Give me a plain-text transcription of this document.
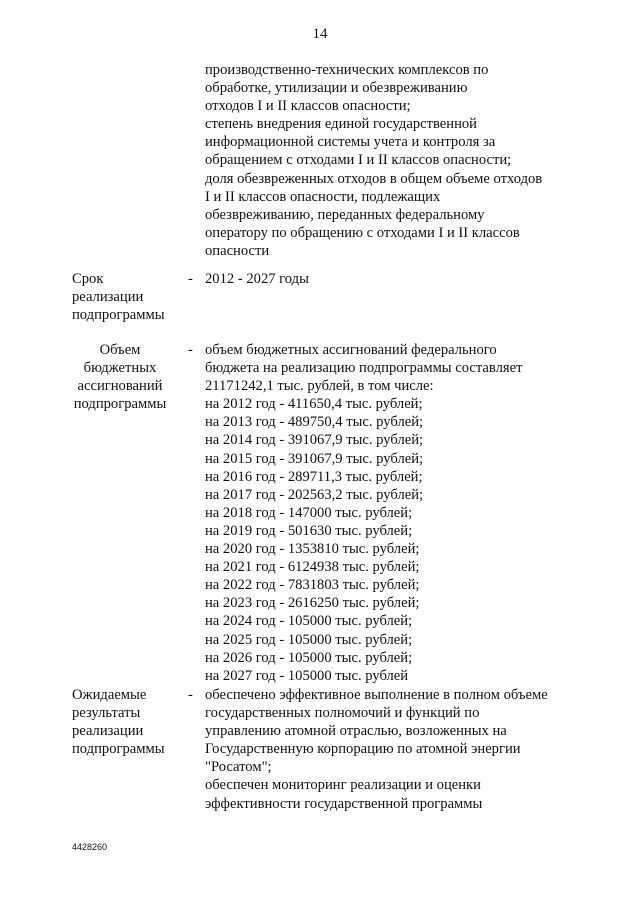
14
производственно-технических комплексов по
обработке, утилизации и обезвреживанию
отходов I и II классов опасности;
степень внедрения единой государственной
информационной системы учета и контроля за
обращением с отходами I и II классов опасности;
доля обезвреженных отходов в общем объеме отходов
I и II классов опасности, подлежащих
обезвреживанию, переданных федеральному
оператору по обращению с отходами I и II классов
опасности
Срок
реализации
подпрограммы
- 2012 - 2027 годы
Объем
бюджетных
ассигнований
подпрограммы
- объем бюджетных ассигнований федерального
бюджета на реализацию подпрограммы составляет
21171242,1 тыс. рублей, в том числе:
на 2012 год - 411650,4 тыс. рублей;
на 2013 год - 489750,4 тыс. рублей;
на 2014 год - 391067,9 тыс. рублей;
на 2015 год - 391067,9 тыс. рублей;
на 2016 год - 289711,3 тыс. рублей;
на 2017 год - 202563,2 тыс. рублей;
на 2018 год - 147000 тыс. рублей;
на 2019 год - 501630 тыс. рублей;
на 2020 год - 1353810 тыс. рублей;
на 2021 год - 6124938 тыс. рублей;
на 2022 год - 7831803 тыс. рублей;
на 2023 год - 2616250 тыс. рублей;
на 2024 год - 105000 тыс. рублей;
на 2025 год - 105000 тыс. рублей;
на 2026 год - 105000 тыс. рублей;
на 2027 год - 105000 тыс. рублей
Ожидаемые
результаты
реализации
подпрограммы
- обеспечено эффективное выполнение в полном объеме
государственных полномочий и функций по
управлению атомной отраслью, возложенных на
Государственную корпорацию по атомной энергии
"Росатом";
обеспечен мониторинг реализации и оценки
эффективности государственной программы
4428260
